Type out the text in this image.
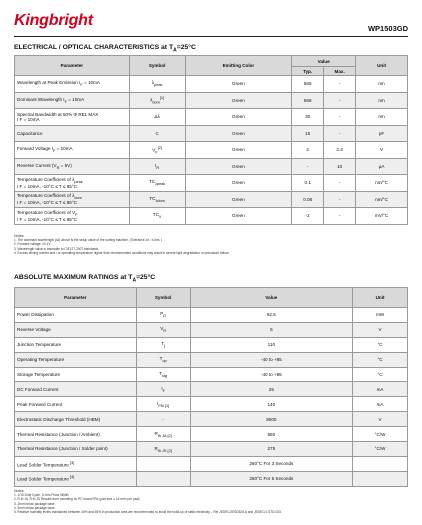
Kingbright	WP1503GD
ELECTRICAL / OPTICAL CHARACTERISTICS at $T_A=25^\circ C$
Parameter	Symbol	Emitting Color	Value		Unit
			Typ.	Max.	
Wavelength at Peak Emission $I_F = 10mA$	$\lambda_{peak}$	Green	565	-	nm
Dominant Wavelength $I_F = 10mA$	$\lambda_{dom}[1]$	Green	568	-	nm
Spectral Bandwidth at 50% Φ REL MAX
I F = 10mA	Δλ	Green	30	-	nm
Capacitance	C	Green	15	-	pF
Forward Voltage $I_F = 10mA$	$V_F[2]$	Green	2	2.4	V
Reverse Current $(V_R = 5V)$	$I_R$	Green	-	10	μA
Temperature Coefficient of $\lambda_{peak}$
I F = 10mA, -10°C ≤ T ≤ 85°C	$TC_{\lambda peak}$	Green	0.1	-	nm/°C
Temperature Coefficient of $\lambda_{dom}$
I F = 10mA, -10°C ≤ T ≤ 85°C	$TC_{\lambda dom}$	Green	0.06	-	nm/°C
Temperature Coefficient of $V_F$
I F = 10mA, -10°C ≤ T ≤ 85°C	$TC_V$	Green	-2	-	mV/°C
Notes:
1. The dominant wavelength (λd) above is the setup value of the sorting machine. (Tolerance λd : ±1nm. )
2. Forward voltage: ±0.1V.
3. Wavelength value is traceable to CIE127-2007 standards.
4. Excess driving current and / or operating temperature higher than recommended conditions may result in severe light degradation or premature failure.
ABSOLUTE MAXIMUM RATINGS at $T_A=25^\circ C$
Parameter	Symbol	Value	Unit
Power Dissipation	$P_D$	62.5	mW
Reverse Voltage	$V_R$	5	V
Junction Temperature	$T_j$	110	°C
Operating Temperature	$T_{op}$	-40 to +85	°C
Storage Temperature	$T_{stg}$	-40 to +85	°C
DC Forward Current	$I_F$	25	mA
Peak Forward Current	$I_{FM [1]}$	140	mA
Electrostatic Discharge Threshold (HBM)	-	8000	V
Thermal Resistance (Junction / Ambient)	$R_{th JA [2]}$	550	°C/W
Thermal Resistance (Junction / Solder point)	$R_{th JS [2]}$	275	°C/W
Lead Solder Temperature [3]		260°C For 3 Seconds	
Lead Solder Temperature [4]		260°C For 5 Seconds	
Notes:
1. 1/10 Duty Cycle, 0.1ms Pulse Width.
2. R th JA ,R th JS Results from mounting on PC board FR4 (pad size ≥ 16 mm² per pad).
3. 2mm below package base.
4. 5mm below package base.
5. Relative humidity levels maintained between 40% and 60% in production area are recommended to avoid the build-up of static electricity – Ref JEDEC/JESD625-A and JEDEC/J-STD-033.
